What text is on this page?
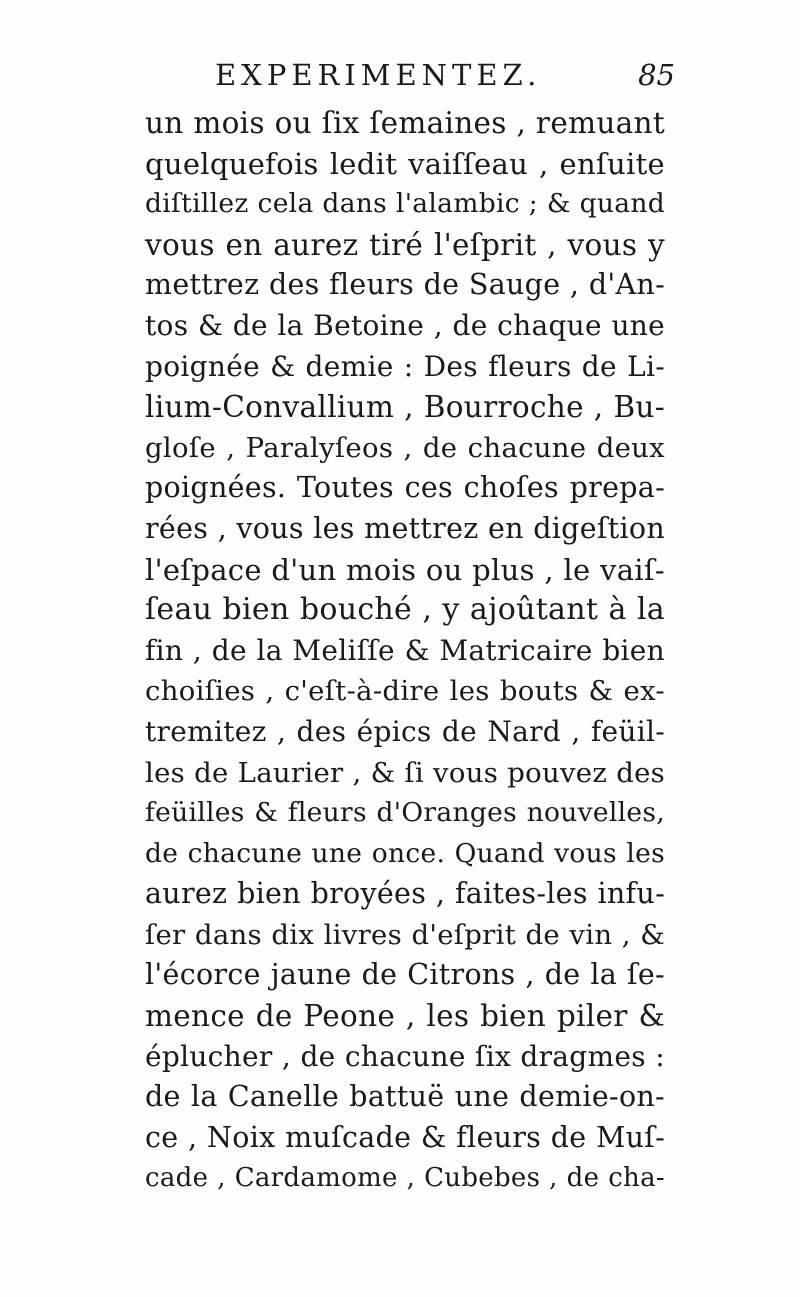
EXPERIMENTEZ.	85
un mois ou ſix ſemaines , remuant
quelquefois ledit vaiſſeau , enſuite
diſtillez cela dans l'alambic ; & quand
vous en aurez tiré l'eſprit , vous y
mettrez des fleurs de Sauge , d'An-
tos & de la Betoine , de chaque une
poignée & demie : Des fleurs de Li-
lium-Convallium , Bourroche , Bu-
gloſe , Paralyſeos , de chacune deux
poignées. Toutes ces choſes prepa-
rées , vous les mettrez en digeſtion
l'eſpace d'un mois ou plus , le vaiſ-
ſeau bien bouché , y ajoûtant à la
fin , de la Meliſſe & Matricaire bien
choiſies , c'eſt-à-dire les bouts & ex-
tremitez , des épics de Nard , feüil-
les de Laurier , & ſi vous pouvez des
feüilles & fleurs d'Oranges nouvelles,
de chacune une once. Quand vous les
aurez bien broyées , faites-les infu-
ſer dans dix livres d'eſprit de vin , &
l'écorce jaune de Citrons , de la ſe-
mence de Peone , les bien piler &
éplucher , de chacune ſix dragmes :
de la Canelle battuë une demie-on-
ce , Noix muſcade & fleurs de Muſ-
cade , Cardamome , Cubebes , de cha-
